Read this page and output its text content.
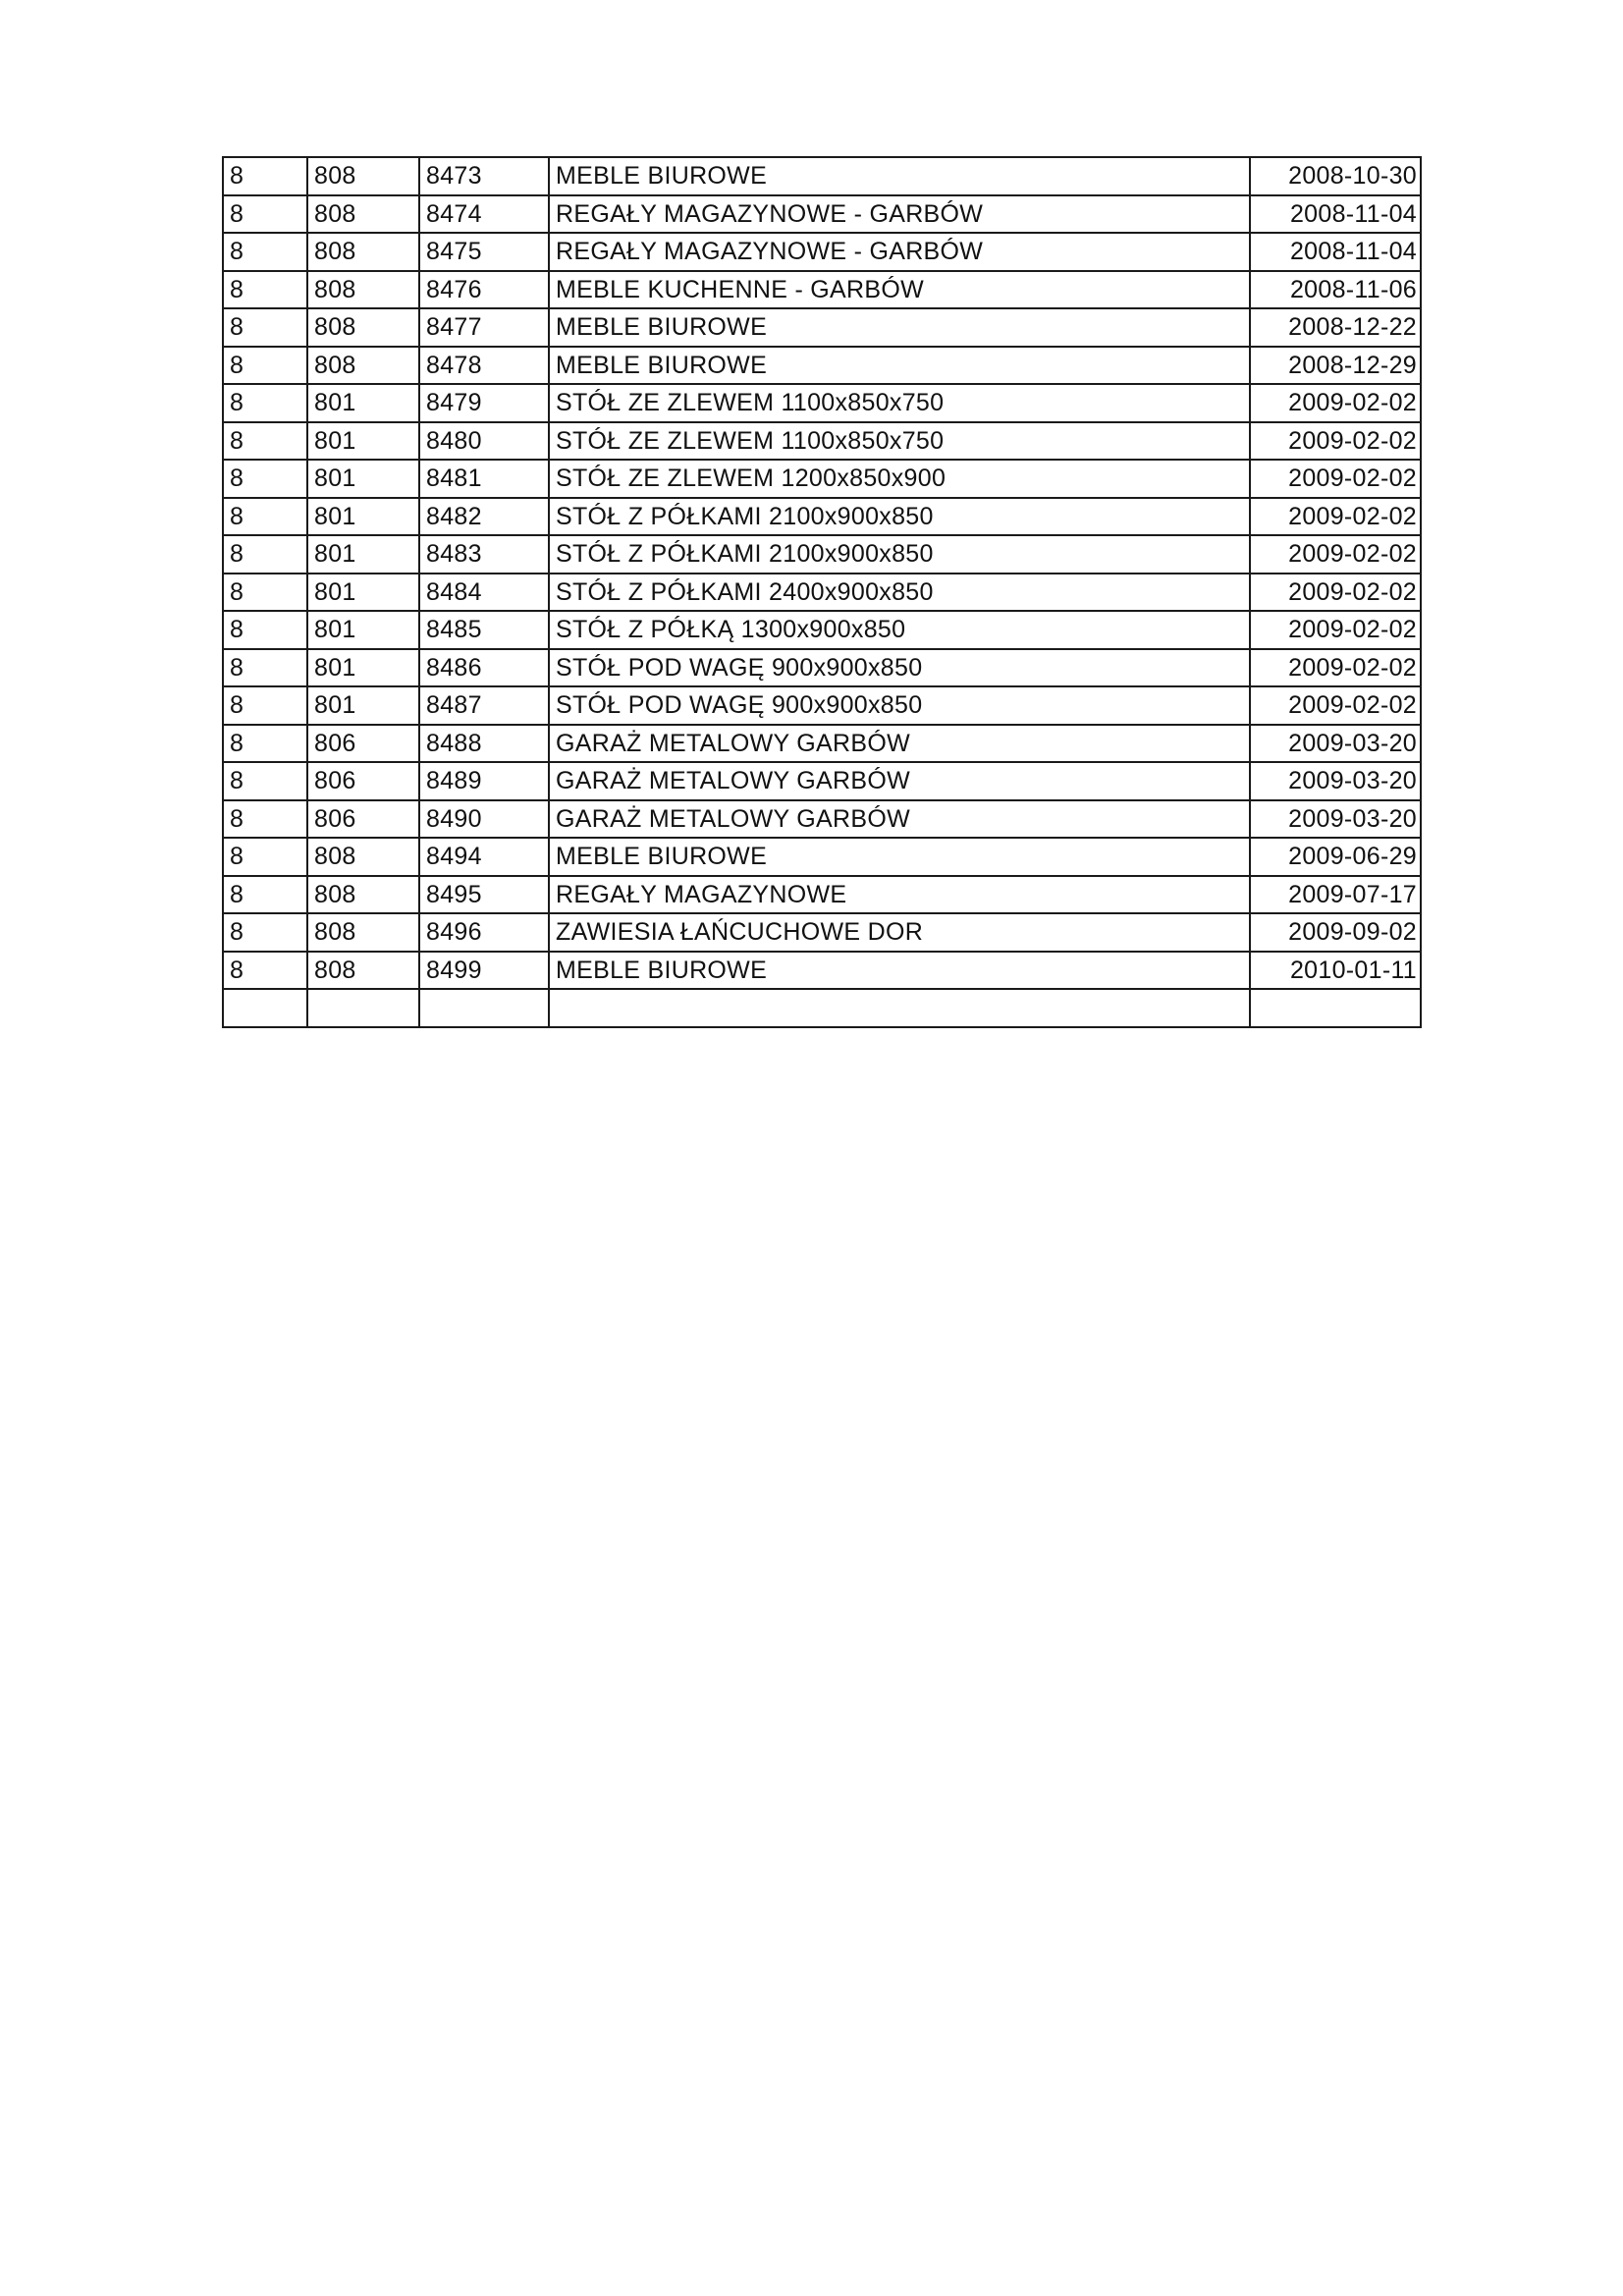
8	808	8473	MEBLE BIUROWE	2008-10-30
8	808	8474	REGAŁY MAGAZYNOWE - GARBÓW	2008-11-04
8	808	8475	REGAŁY MAGAZYNOWE - GARBÓW	2008-11-04
8	808	8476	MEBLE KUCHENNE - GARBÓW	2008-11-06
8	808	8477	MEBLE BIUROWE	2008-12-22
8	808	8478	MEBLE BIUROWE	2008-12-29
8	801	8479	STÓŁ ZE ZLEWEM 1100x850x750	2009-02-02
8	801	8480	STÓŁ ZE ZLEWEM 1100x850x750	2009-02-02
8	801	8481	STÓŁ ZE ZLEWEM 1200x850x900	2009-02-02
8	801	8482	STÓŁ Z PÓŁKAMI 2100x900x850	2009-02-02
8	801	8483	STÓŁ Z PÓŁKAMI 2100x900x850	2009-02-02
8	801	8484	STÓŁ Z PÓŁKAMI 2400x900x850	2009-02-02
8	801	8485	STÓŁ Z PÓŁKĄ 1300x900x850	2009-02-02
8	801	8486	STÓŁ POD WAGĘ 900x900x850	2009-02-02
8	801	8487	STÓŁ POD WAGĘ 900x900x850	2009-02-02
8	806	8488	GARAŻ METALOWY GARBÓW	2009-03-20
8	806	8489	GARAŻ METALOWY GARBÓW	2009-03-20
8	806	8490	GARAŻ METALOWY GARBÓW	2009-03-20
8	808	8494	MEBLE BIUROWE	2009-06-29
8	808	8495	REGAŁY MAGAZYNOWE	2009-07-17
8	808	8496	ZAWIESIA ŁAŃCUCHOWE DOR	2009-09-02
8	808	8499	MEBLE BIUROWE	2010-01-11
